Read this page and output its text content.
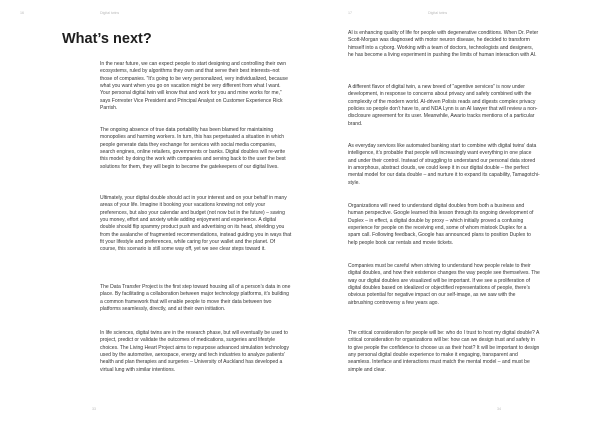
16	Digital twins	17	Digital twins
What’s next?

In the near future, we can expect people to start designing and controlling their own ecosystems, ruled by algorithms they own and that serve their best interests–not those of companies. “It’s going to be very personalized, very individualized, because what you want when you go on vacation might be very different from what I want. Your personal digital twin will know that and work for you and mine works for me,” says Forrester Vice President and Principal Analyst on Customer Experience Rick Parrish.

The ongoing absence of true data portability has been blamed for maintaining monopolies and harming workers. In turn, this has perpetuated a situation in which people generate data they exchange for services with social media companies, search engines, online retailers, governments or banks. Digital doubles will re-write this model: by doing the work with companies and serving back to the user the best solutions for them, they will begin to become the gatekeepers of our digital lives.

Ultimately, your digital double should act in your interest and on your behalf in many areas of your life. Imagine it booking your vacations knowing not only your preferences, but also your calendar and budget (not now but in the future) – saving you money, effort and anxiety while adding enjoyment and experience. A digital double should flip spammy product push and advertising on its head, shielding you from the avalanche of fragmented recommendations, instead guiding you in ways that fit your lifestyle and preferences, while caring for your wallet and the planet. Of course, this scenario is still some way off, yet we see clear steps toward it.

The Data Transfer Project is the first step toward housing all of a person’s data in one place. By facilitating a collaboration between major technology platforms, it’s building a common framework that will enable people to move their data between two platforms seamlessly, directly, and at their own initiation.

In life sciences, digital twins are in the research phase, but will eventually be used to project, predict or validate the outcomes of medications, surgeries and lifestyle choices. The Living Heart Project aims to repurpose advanced simulation technology used by the automotive, aerospace, energy and tech industries to analyze patients’ health and plan therapies and surgeries – University of Auckland has developed a virtual lung with similar intentions.

AI is enhancing quality of life for people with degenerative conditions. When Dr. Peter Scott-Morgan was diagnosed with motor neuron disease, he decided to transform himself into a cyborg. Working with a team of doctors, technologists and designers, he has become a living experiment in pushing the limits of human interaction with AI.

A different flavor of digital twin, a new breed of “agentive services” is now under development, in response to concerns about privacy and safety combined with the complexity of the modern world. AI-driven Polisis reads and digests complex privacy policies so people don’t have to, and NDA Lynn is an AI lawyer that will review a non-disclosure agreement for its user. Meanwhile, Awario tracks mentions of a particular brand.

As everyday services like automated banking start to combine with digital twins’ data intelligence, it’s probable that people will increasingly want everything in one place and under their control. Instead of struggling to understand our personal data stored in amorphous, abstract clouds, we could keep it in our digital double – the perfect mental model for our data double – and nurture it to expand its capability, Tamagotchi-style.

Organizations will need to understand digital doubles from both a business and human perspective. Google learned this lesson through its ongoing development of Duplex – in effect, a digital double by proxy – which initially proved a confusing experience for people on the receiving end, some of whom mistook Duplex for a spam call. Following feedback, Google has announced plans to position Duplex to help people book car rentals and movie tickets.

Companies must be careful when striving to understand how people relate to their digital doubles, and how their existence changes the way people see themselves. The way our digital doubles are visualized will be important. If we see a proliferation of digital doubles based on idealized or objectified representations of people, there’s obvious potential for negative impact on our self-image, as we saw with the airbrushing controversy a few years ago.

The critical consideration for people will be: who do I trust to host my digital double? A critical consideration for organizations will be: how can we design trust and safety in to give people the confidence to choose us as their host? It will be important to design any personal digital double experience to make it engaging, transparent and seamless. Interface and interactions must match the mental model – and must be simple and clear.

33	34
